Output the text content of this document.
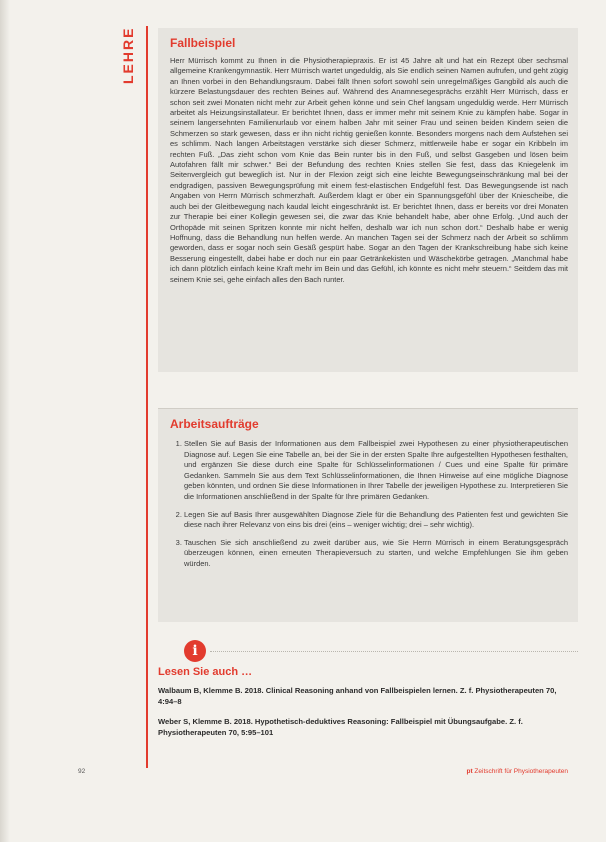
LEHRE	Fallbeispiel

Herr Mürrisch kommt zu Ihnen in die Physiotherapiepraxis. Er ist 45 Jahre alt und hat ein Rezept über sechsmal allgemeine Krankengymnastik. Herr Mürrisch wartet ungeduldig, als Sie endlich seinen Namen aufrufen, und geht zügig an Ihnen vorbei in den Behandlungsraum. Dabei fällt Ihnen sofort sowohl sein unregelmäßiges Gangbild als auch die kürzere Belastungsdauer des rechten Beines auf. Während des Anamnesegesprächs erzählt Herr Mürrisch, dass er schon seit zwei Monaten nicht mehr zur Arbeit gehen könne und sein Chef langsam ungeduldig werde. Herr Mürrisch arbeitet als Heizungsinstallateur. Er berichtet Ihnen, dass er immer mehr mit seinem Knie zu kämpfen habe. Sogar in seinem langersehnten Familienurlaub vor einem halben Jahr mit seiner Frau und seinen beiden Kindern seien die Schmerzen so stark gewesen, dass er ihn nicht richtig genießen konnte. Besonders morgens nach dem Aufstehen sei es schlimm. Nach langen Arbeitstagen verstärke sich dieser Schmerz, mittlerweile habe er sogar ein Kribbeln im rechten Fuß. „Das zieht schon vom Knie das Bein runter bis in den Fuß, und selbst Gasgeben und lösen beim Autofahren fällt mir schwer.“ Bei der Befundung des rechten Knies stellen Sie fest, dass das Kniegelenk im Seitenvergleich gut beweglich ist. Nur in der Flexion zeigt sich eine leichte Bewegungseinschränkung mal bei der endgradigen, passiven Bewegungsprüfung mit einem fest-elastischen Endgefühl fest. Das Bewegungsende ist nach Angaben von Herrn Mürrisch schmerzhaft. Außerdem klagt er über ein Spannungsgefühl über der Kniescheibe, die auch bei der Gleitbewegung nach kaudal leicht eingeschränkt ist. Er berichtet Ihnen, dass er bereits vor drei Monaten zur Therapie bei einer Kollegin gewesen sei, die zwar das Knie behandelt habe, aber ohne Erfolg. „Und auch der Orthopäde mit seinen Spritzen konnte mir nicht helfen, deshalb war ich nun schon dort.“ Deshalb habe er wenig Hoffnung, dass die Behandlung nun helfen werde. An manchen Tagen sei der Schmerz nach der Arbeit so schlimm geworden, dass er sogar noch sein Gesäß gespürt habe. Sogar an den Tagen der Krankschreibung habe sich keine Besserung eingestellt, dabei habe er doch nur ein paar Getränkekisten und Wäschekörbe getragen. „Manchmal habe ich dann plötzlich einfach keine Kraft mehr im Bein und das Gefühl, ich könnte es nicht mehr steuern.“ Seitdem das mit seinem Knie sei, gehe einfach alles den Bach runter.

Arbeitsaufträge
1. Stellen Sie auf Basis der Informationen aus dem Fallbeispiel zwei Hypothesen zu einer physiotherapeutischen Diagnose auf. Legen Sie eine Tabelle an, bei der Sie in der ersten Spalte Ihre aufgestellten Hypothesen festhalten, und ergänzen Sie diese durch eine Spalte für Schlüsselinformationen / Cues und eine Spalte für primäre Gedanken. Sammeln Sie aus dem Text Schlüsselinformationen, die Ihnen Hinweise auf eine mögliche Diagnose geben könnten, und ordnen Sie diese Informationen in Ihrer Tabelle der jeweiligen Hypothese zu. Interpretieren Sie die Informationen anschließend in der Spalte für Ihre primären Gedanken.
2. Legen Sie auf Basis Ihrer ausgewählten Diagnose Ziele für die Behandlung des Patienten fest und gewichten Sie diese nach ihrer Relevanz von eins bis drei (eins – weniger wichtig; drei – sehr wichtig).
3. Tauschen Sie sich anschließend zu zweit darüber aus, wie Sie Herrn Mürrisch in einem Beratungsgespräch überzeugen können, einen erneuten Therapieversuch zu starten, und welche Empfehlungen Sie ihm geben würden.
i
Lesen Sie auch …
Walbaum B, Klemme B. 2018. Clinical Reasoning anhand von Fallbeispielen lernen. Z. f. Physiotherapeuten 70, 4:94–8
Weber S, Klemme B. 2018. Hypothetisch-deduktives Reasoning: Fallbeispiel mit Übungsaufgabe. Z. f. Physiotherapeuten 70, 5:95–101
92	pt Zeitschrift für Physiotherapeuten
